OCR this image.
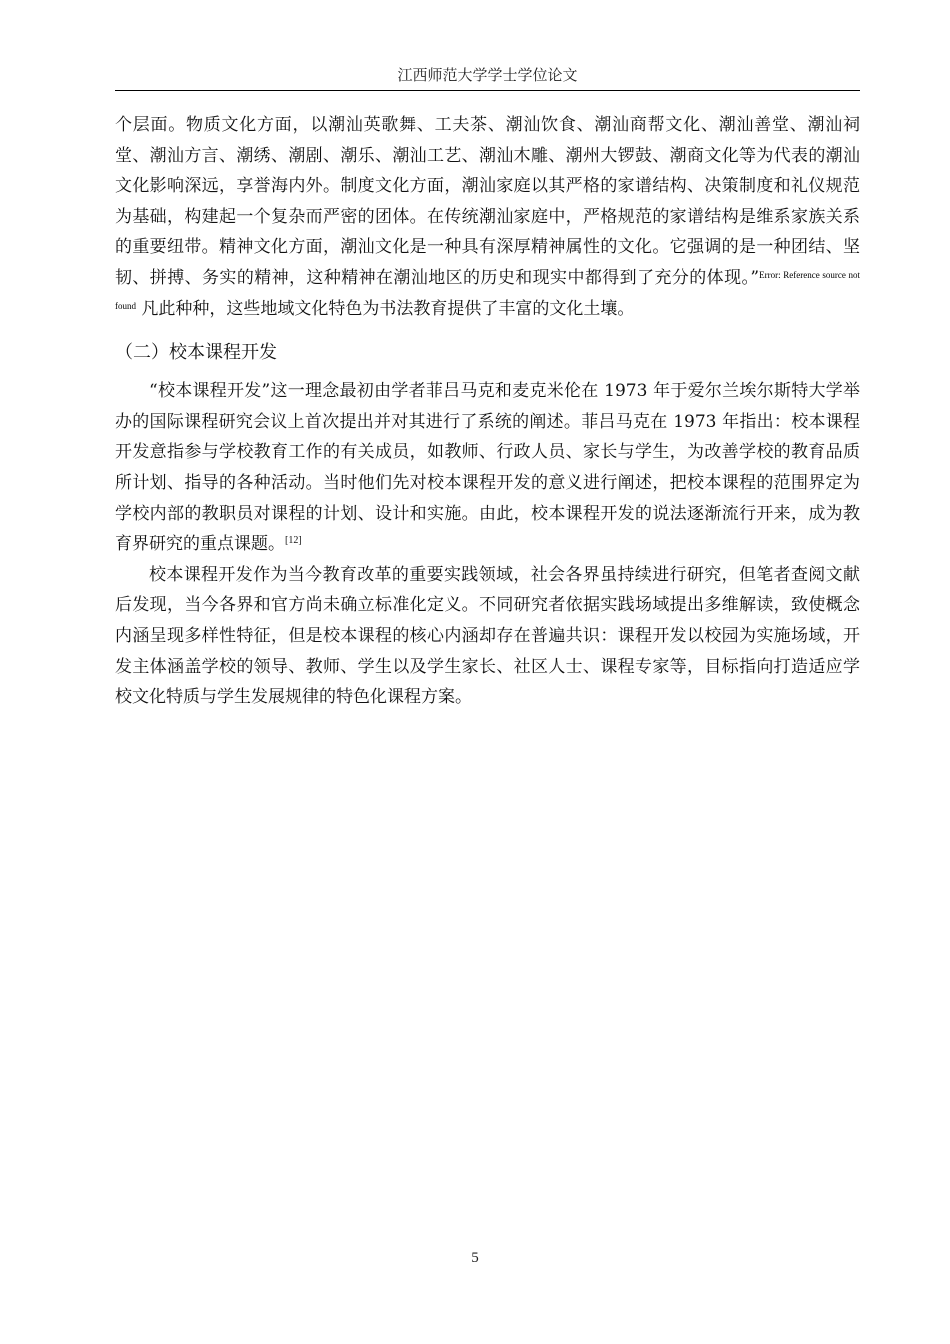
江西师范大学学士学位论文

个层面。物质文化方面，以潮汕英歌舞、工夫茶、潮汕饮食、潮汕商帮文化、潮汕善堂、潮汕祠堂、潮汕方言、潮绣、潮剧、潮乐、潮汕工艺、潮汕木雕、潮州大锣鼓、潮商文化等为代表的潮汕文化影响深远，享誉海内外。制度文化方面，潮汕家庭以其严格的家谱结构、决策制度和礼仪规范为基础，构建起一个复杂而严密的团体。在传统潮汕家庭中，严格规范的家谱结构是维系家族关系的重要纽带。精神文化方面，潮汕文化是一种具有深厚精神属性的文化。它强调的是一种团结、坚韧、拼搏、务实的精神，这种精神在潮汕地区的历史和现实中都得到了充分的体现。”$^{Error: Reference source not found}$ 凡此种种，这些地域文化特色为书法教育提供了丰富的文化土壤。

（二）校本课程开发

“校本课程开发”这一理念最初由学者菲吕马克和麦克米伦在 1973 年于爱尔兰埃尔斯特大学举办的国际课程研究会议上首次提出并对其进行了系统的阐述。菲吕马克在 1973 年指出：校本课程开发意指参与学校教育工作的有关成员，如教师、行政人员、家长与学生，为改善学校的教育品质所计划、指导的各种活动。当时他们先对校本课程开发的意义进行阐述，把校本课程的范围界定为学校内部的教职员对课程的计划、设计和实施。由此，校本课程开发的说法逐渐流行开来，成为教育界研究的重点课题。[12]

校本课程开发作为当今教育改革的重要实践领域，社会各界虽持续进行研究，但笔者查阅文献后发现，当今各界和官方尚未确立标准化定义。不同研究者依据实践场域提出多维解读，致使概念内涵呈现多样性特征，但是校本课程的核心内涵却存在普遍共识：课程开发以校园为实施场域，开发主体涵盖学校的领导、教师、学生以及学生家长、社区人士、课程专家等，目标指向打造适应学校文化特质与学生发展规律的特色化课程方案。

5
